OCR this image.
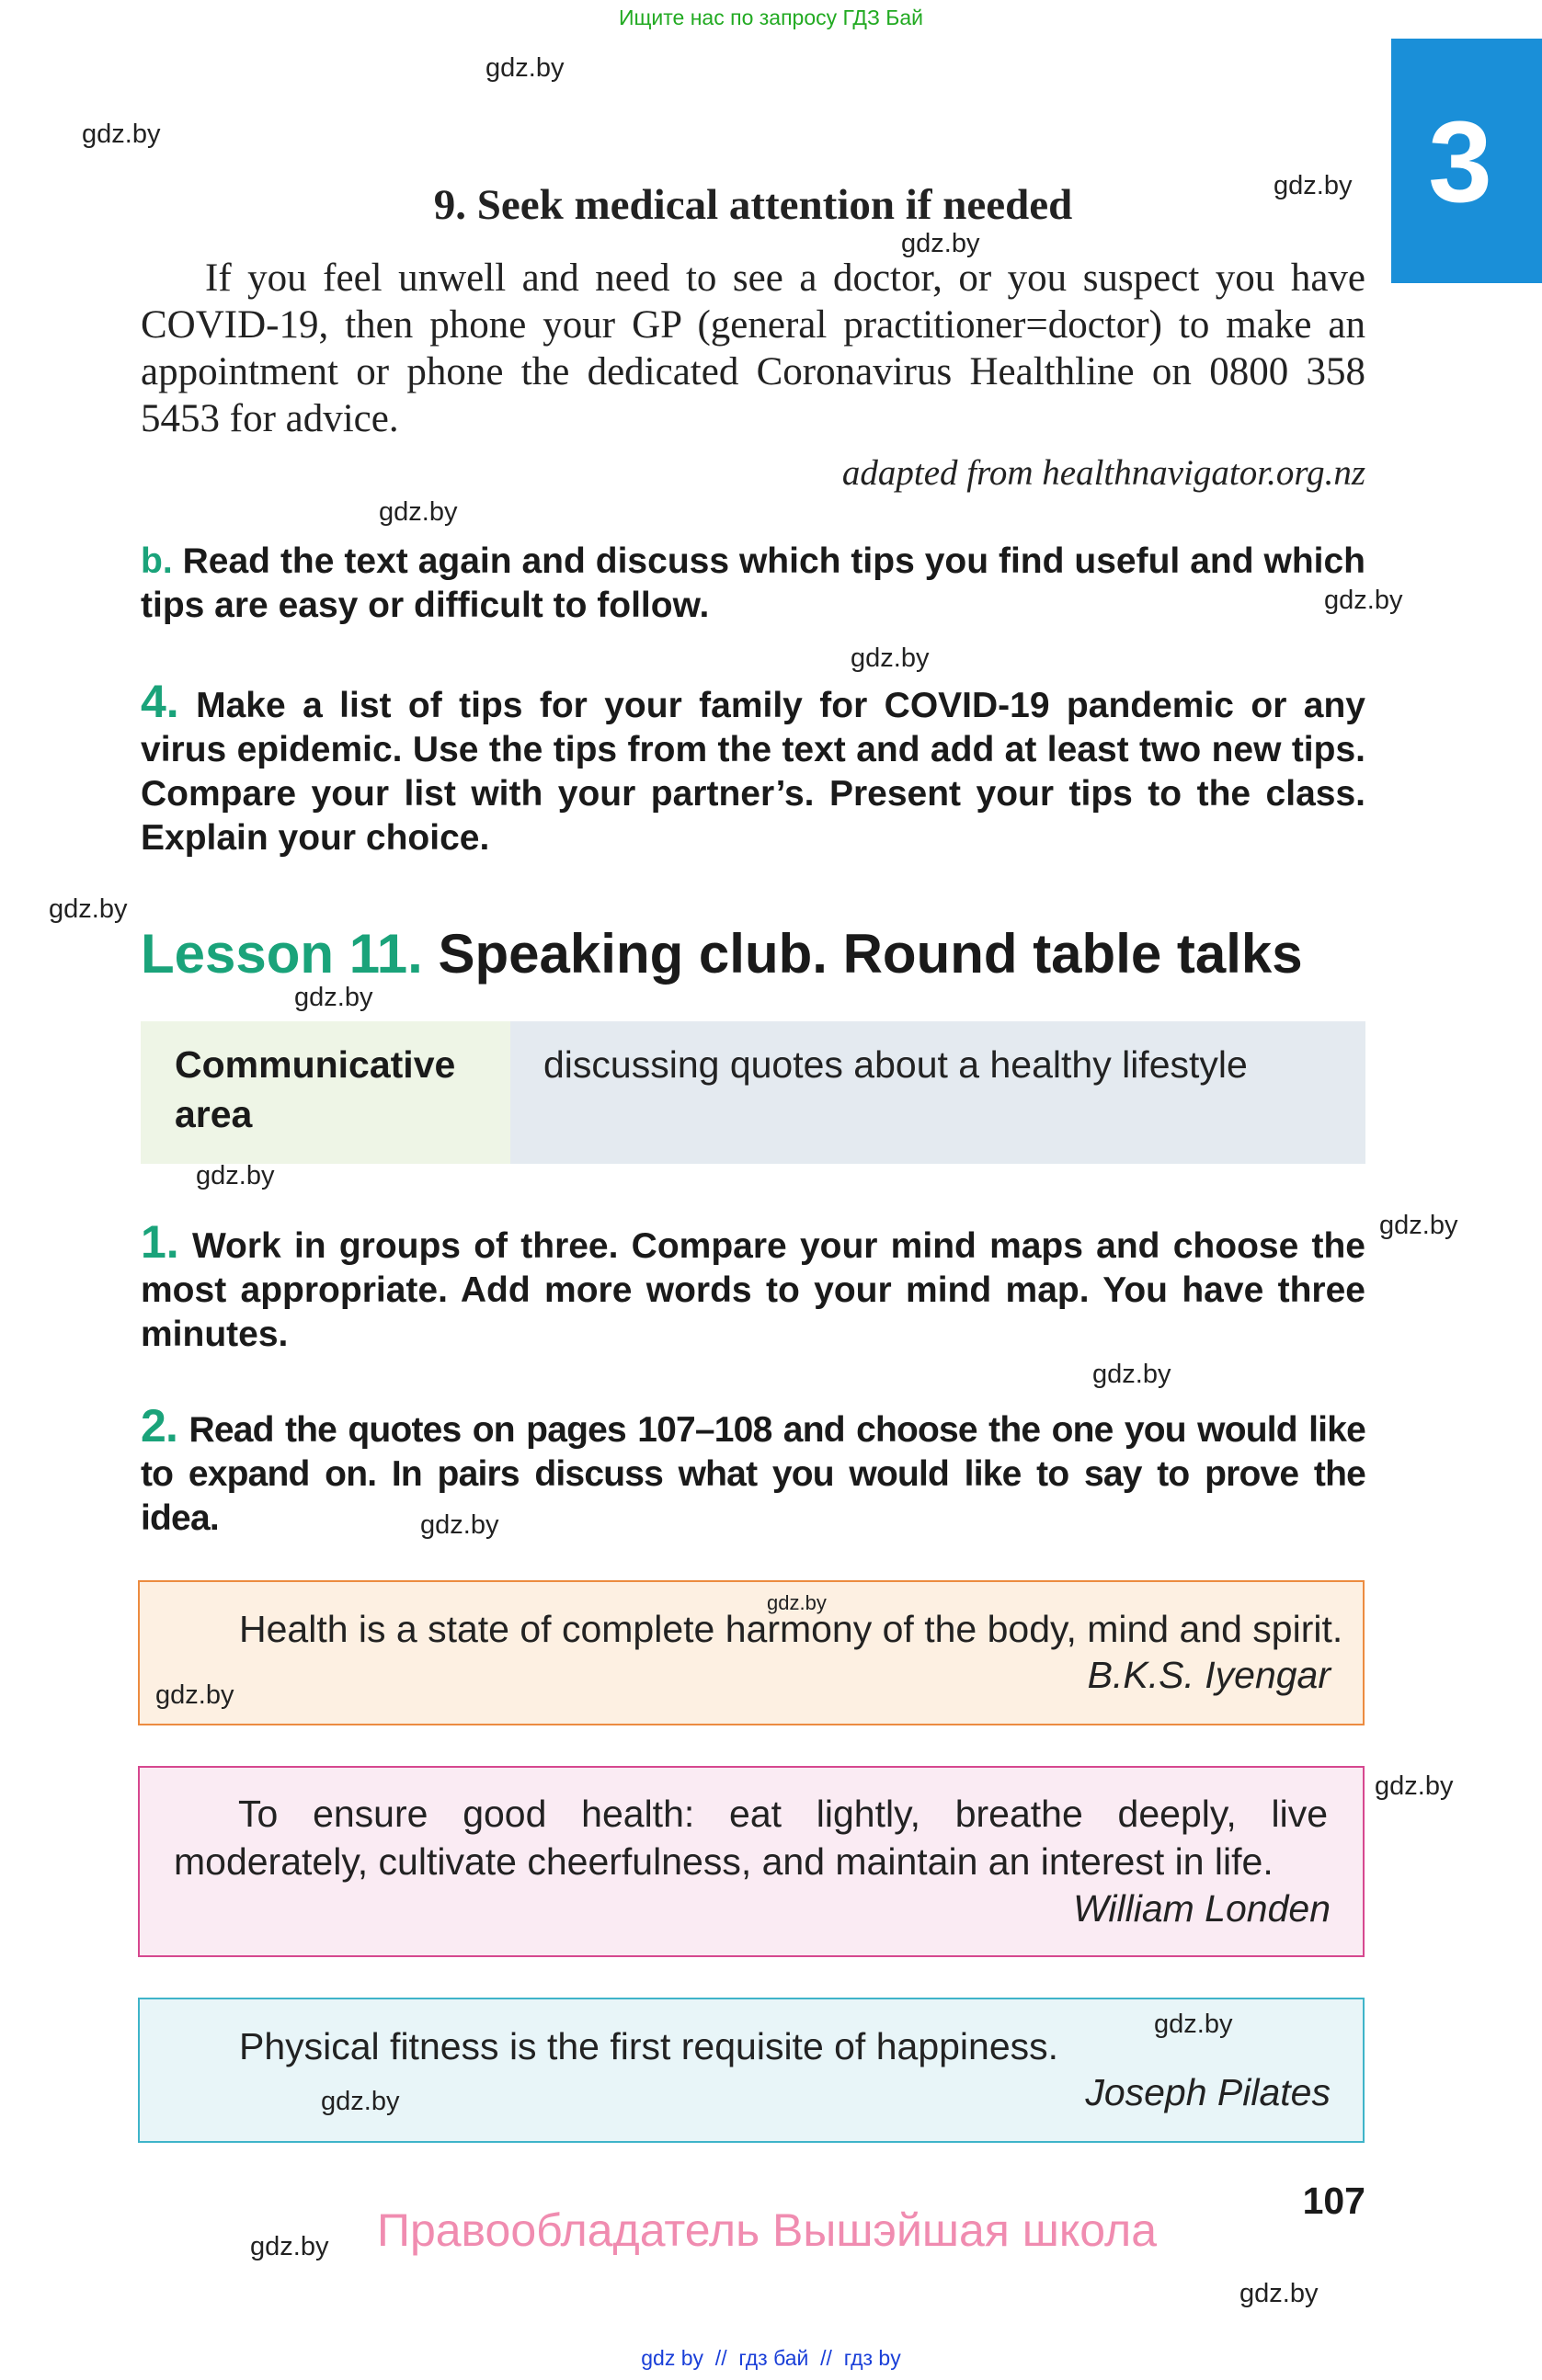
Ищите нас по запросу ГДЗ Бай
3
9. Seek medical attention if needed
If you feel unwell and need to see a doctor, or you suspect you have COVID-19, then phone your GP (general practitioner=doctor) to make an appointment or phone the dedicated Coronavirus Healthline on 0800 358 5453 for advice.
adapted from healthnavigator.org.nz
b. Read the text again and discuss which tips you find useful and which tips are easy or difficult to follow.
4. Make a list of tips for your family for COVID-19 pandemic or any virus epidemic. Use the tips from the text and add at least two new tips. Compare your list with your partner’s. Present your tips to the class. Explain your choice.
Lesson 11. Speaking club. Round table talks
Communicative area
discussing quotes about a healthy lifestyle
1. Work in groups of three. Compare your mind maps and choose the most appropriate. Add more words to your mind map. You have three minutes.
2. Read the quotes on pages 107–108 and choose the one you would like to expand on. In pairs discuss what you would like to say to prove the idea.
Health is a state of complete harmony of the body, mind and spirit.
B.K.S. Iyengar
To ensure good health: eat lightly, breathe deeply, live moderately, cultivate cheerfulness, and maintain an interest in life.
William Londen
Physical fitness is the first requisite of happiness.
Joseph Pilates
107
Правообладатель Вышэйшая школа
gdz by  //  гдз бай  //  гдз by
gdz.by
gdz.by
gdz.by
gdz.by
gdz.by
gdz.by
gdz.by
gdz.by
gdz.by
gdz.by
gdz.by
gdz.by
gdz.by
gdz.by
gdz.by
gdz.by
gdz.by
gdz.by
gdz.by
gdz.by
